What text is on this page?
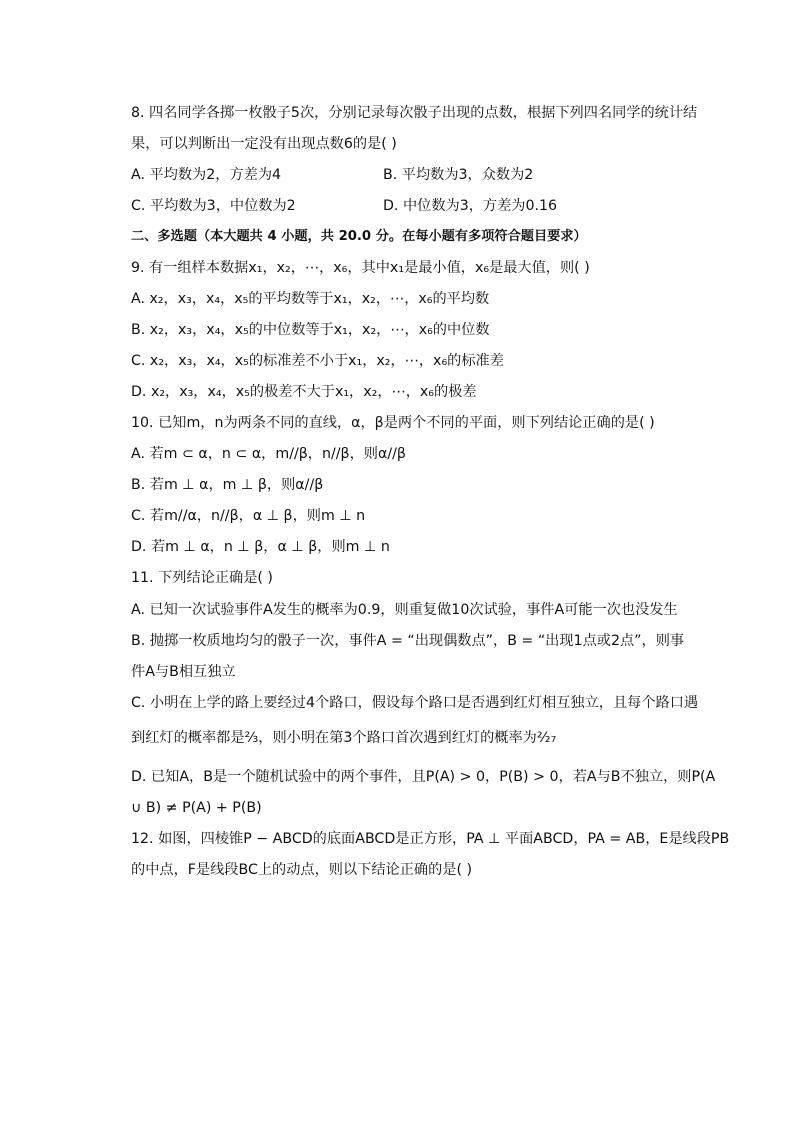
8. 四名同学各掷一枚骰子5次，分别记录每次骰子出现的点数，根据下列四名同学的统计结
果，可以判断出一定没有出现点数6的是( )
A. 平均数为2，方差为4	B. 平均数为3，众数为2
C. 平均数为3，中位数为2	D. 中位数为3，方差为0.16
二、多选题（本大题共 4 小题，共 20.0 分。在每小题有多项符合题目要求）
9. 有一组样本数据x₁，x₂，⋯，x₆，其中x₁是最小值，x₆是最大值，则( )
A. x₂，x₃，x₄，x₅的平均数等于x₁，x₂，⋯，x₆的平均数
B. x₂，x₃，x₄，x₅的中位数等于x₁，x₂，⋯，x₆的中位数
C. x₂，x₃，x₄，x₅的标准差不小于x₁，x₂，⋯，x₆的标准差
D. x₂，x₃，x₄，x₅的极差不大于x₁，x₂，⋯，x₆的极差
10. 已知m，n为两条不同的直线，α，β是两个不同的平面，则下列结论正确的是( )
A. 若m ⊂ α，n ⊂ α，m//β，n//β，则α//β
B. 若m ⊥ α，m ⊥ β，则α//β
C. 若m//α，n//β，α ⊥ β，则m ⊥ n
D. 若m ⊥ α，n ⊥ β，α ⊥ β，则m ⊥ n
11. 下列结论正确是( )
A. 已知一次试验事件A发生的概率为0.9，则重复做10次试验，事件A可能一次也没发生
B. 抛掷一枚质地均匀的骰子一次，事件A = “出现偶数点”，B = “出现1点或2点”，则事
件A与B相互独立
C. 小明在上学的路上要经过4个路口，假设每个路口是否遇到红灯相互独立，且每个路口遇
到红灯的概率都是⅔，则小明在第3个路口首次遇到红灯的概率为²⁄₂₇
D. 已知A，B是一个随机试验中的两个事件，且P(A) > 0，P(B) > 0，若A与B不独立，则P(A
∪ B) ≠ P(A) + P(B)
12. 如图，四棱锥P − ABCD的底面ABCD是正方形，PA ⊥ 平面ABCD，PA = AB，E是线段PB
的中点，F是线段BC上的动点，则以下结论正确的是( )
